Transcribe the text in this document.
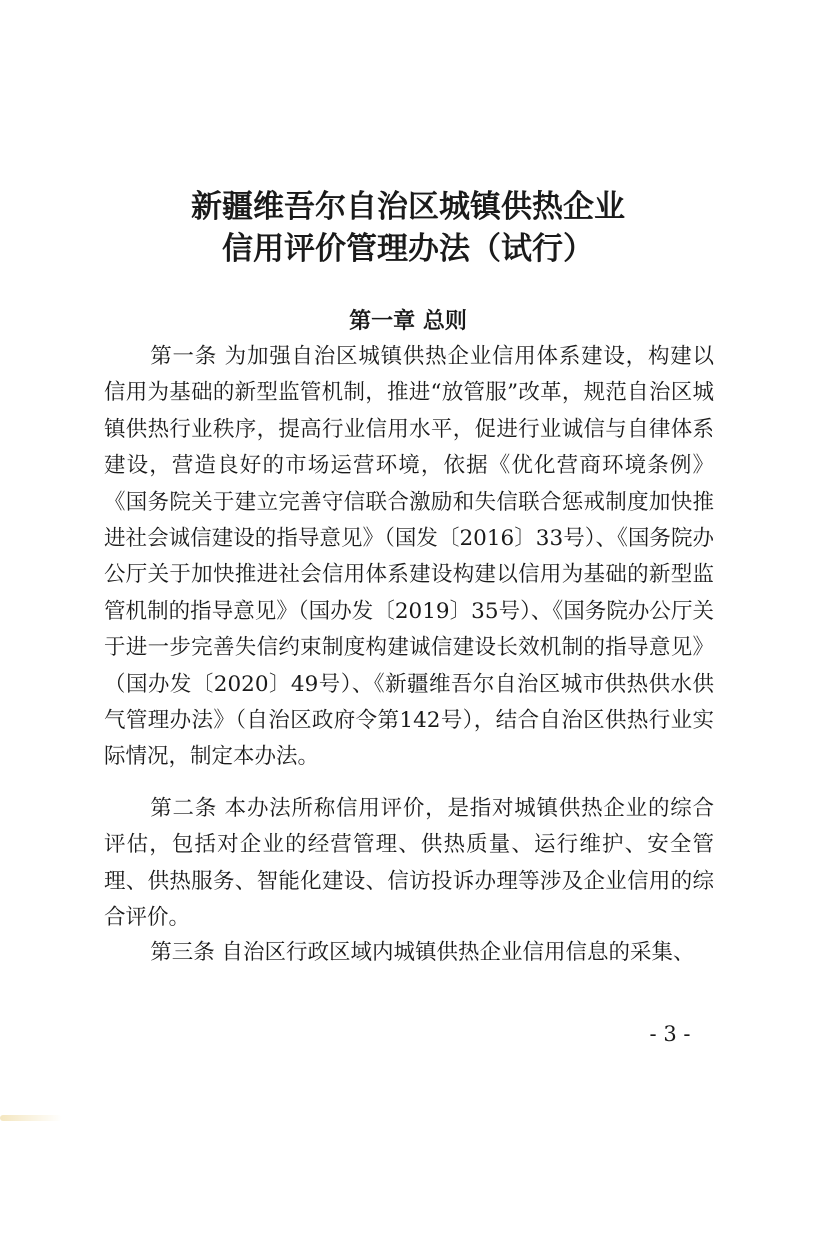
新疆维吾尔自治区城镇供热企业
信用评价管理办法（试行）
第一章 总则

第一条 为加强自治区城镇供热企业信用体系建设，构建以信用为基础的新型监管机制，推进“放管服”改革，规范自治区城镇供热行业秩序，提高行业信用水平，促进行业诚信与自律体系建设，营造良好的市场运营环境，依据《优化营商环境条例》《国务院关于建立完善守信联合激励和失信联合惩戒制度加快推进社会诚信建设的指导意见》（国发〔2016〕33号）、《国务院办公厅关于加快推进社会信用体系建设构建以信用为基础的新型监管机制的指导意见》（国办发〔2019〕35号）、《国务院办公厅关于进一步完善失信约束制度构建诚信建设长效机制的指导意见》（国办发〔2020〕49号）、《新疆维吾尔自治区城市供热供水供气管理办法》（自治区政府令第142号），结合自治区供热行业实际情况，制定本办法。

第二条 本办法所称信用评价，是指对城镇供热企业的综合评估，包括对企业的经营管理、供热质量、运行维护、安全管理、供热服务、智能化建设、信访投诉办理等涉及企业信用的综合评价。

第三条 自治区行政区域内城镇供热企业信用信息的采集、

- 3 -
